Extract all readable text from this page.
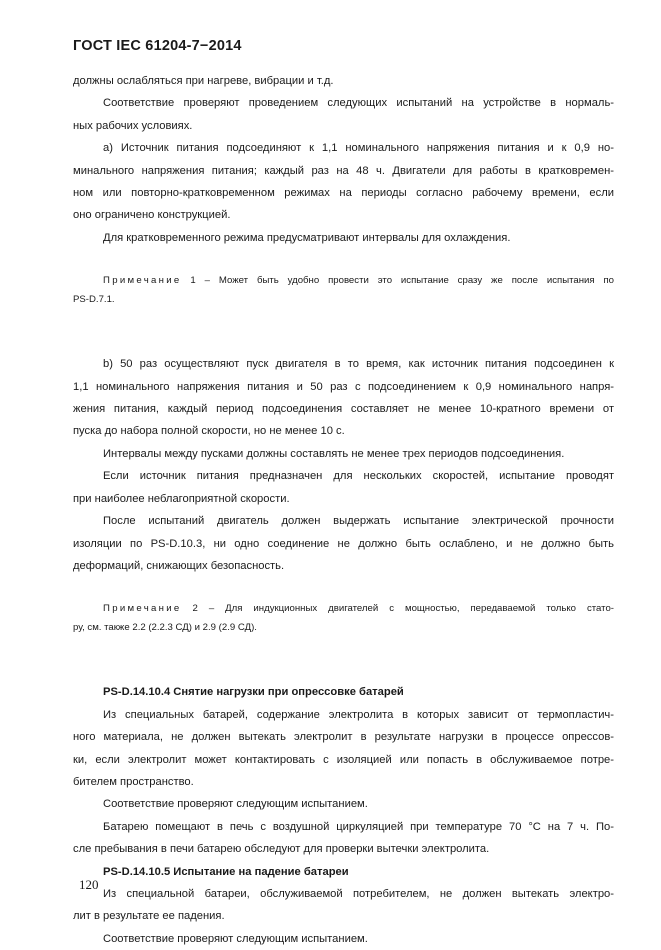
ГОСТ IEC 61204-7−2014
должны ослабляться при нагреве, вибрации и т.д.
Соответствие проверяют проведением следующих испытаний на устройстве в нормаль-
ных рабочих условиях.
a) Источник питания подсоединяют к 1,1 номинального напряжения питания и к 0,9 но-
минального напряжения питания; каждый раз на 48 ч. Двигатели для работы в кратковремен-
ном или повторно-кратковременном режимах на периоды согласно рабочему времени, если
оно ограничено конструкцией.
Для кратковременного режима предусматривают интервалы для охлаждения.
Примечание 1 – Может быть удобно провести это испытание сразу же после испытания по
PS-D.7.1.
b) 50 раз осуществляют пуск двигателя в то время, как источник питания подсоединен к
1,1 номинального напряжения питания и 50 раз с подсоединением к 0,9 номинального напря-
жения питания, каждый период подсоединения составляет не менее 10-кратного времени от
пуска до набора полной скорости, но не менее 10 с.
Интервалы между пусками должны составлять не менее трех периодов подсоединения.
Если источник питания предназначен для нескольких скоростей, испытание проводят
при наиболее неблагоприятной скорости.
После испытаний двигатель должен выдержать испытание электрической прочности
изоляции по PS-D.10.3, ни одно соединение не должно быть ослаблено, и не должно быть
деформаций, снижающих безопасность.
Примечание 2 – Для индукционных двигателей с мощностью, передаваемой только стато-
ру, см. также 2.2 (2.2.3 СД) и 2.9 (2.9 СД).
PS-D.14.10.4 Снятие нагрузки при опрессовке батарей
Из специальных батарей, содержание электролита в которых зависит от термопластич-
ного материала, не должен вытекать электролит в результате нагрузки в процессе опрессов-
ки, если электролит может контактировать с изоляцией или попасть в обслуживаемое потре-
бителем пространство.
Соответствие проверяют следующим испытанием.
Батарею помещают в печь с воздушной циркуляцией при температуре 70 °С на 7 ч. По-
сле пребывания в печи батарею обследуют для проверки вытечки электролита.
PS-D.14.10.5 Испытание на падение батареи
Из специальной батареи, обслуживаемой потребителем, не должен вытекать электро-
лит в результате ее падения.
Соответствие проверяют следующим испытанием.
120
